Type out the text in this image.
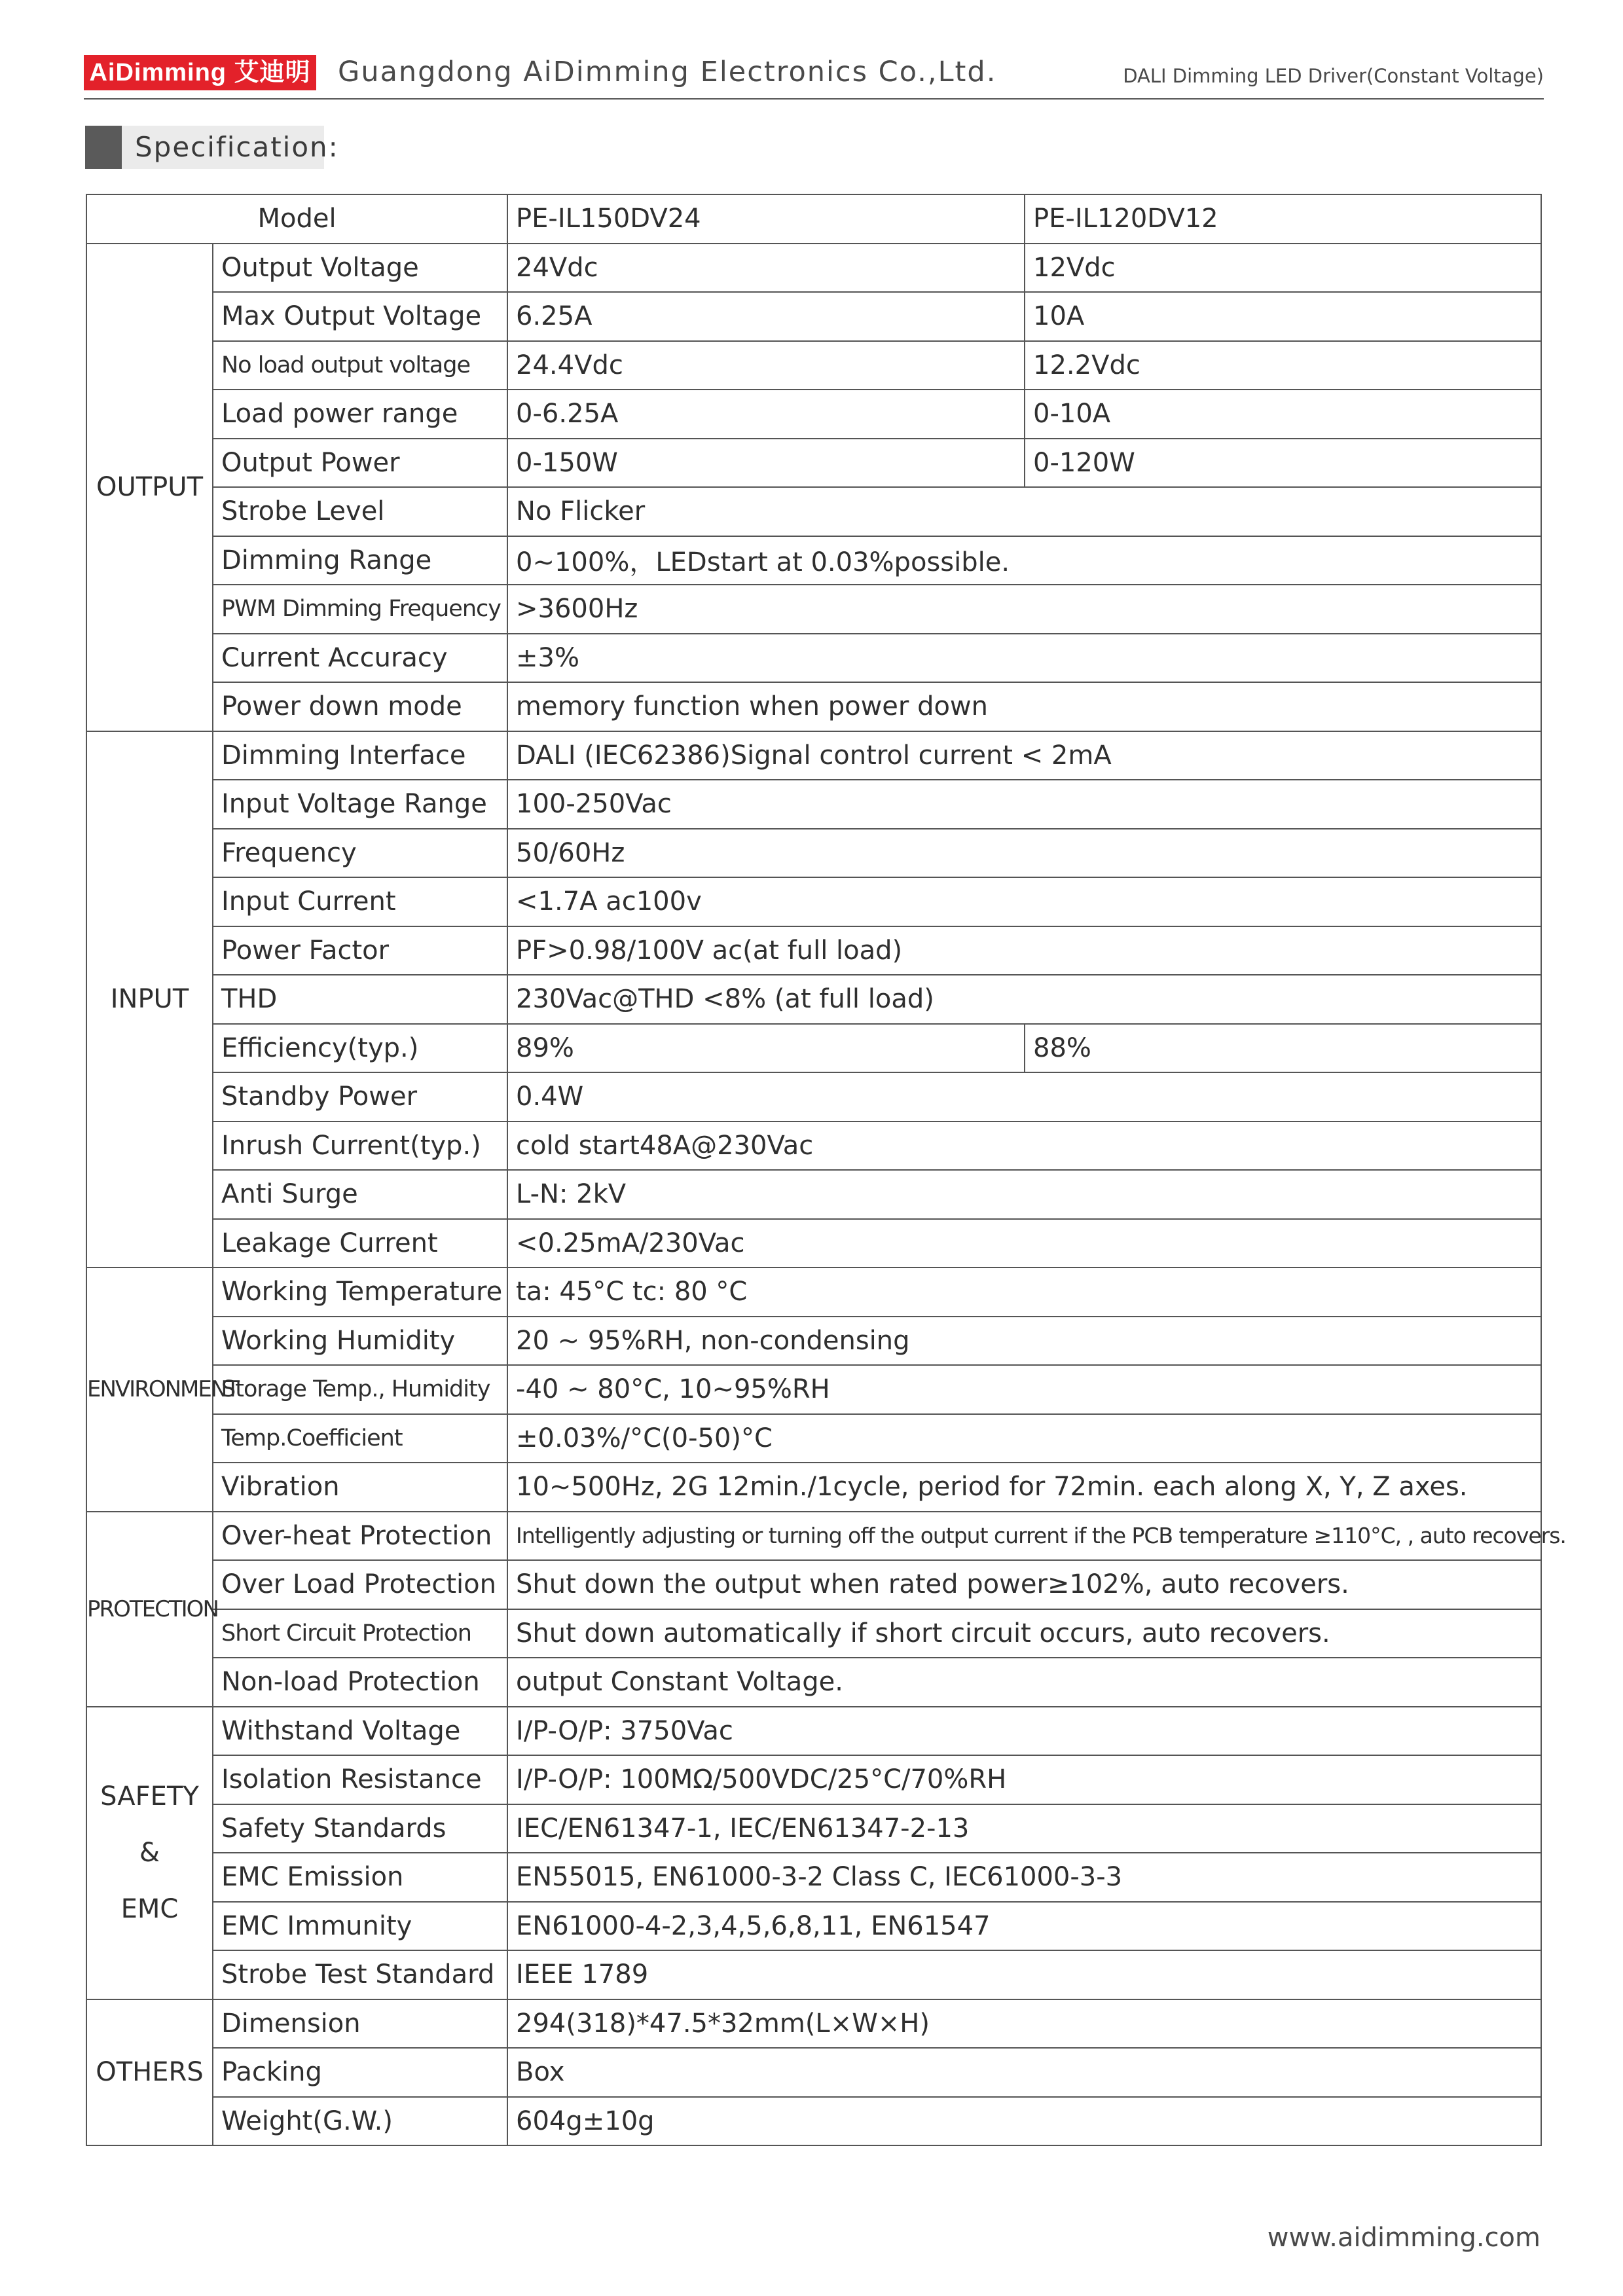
AiDimming 艾迪明 Guangdong AiDimming Electronics Co.,Ltd.	DALI Dimming LED Driver(Constant Voltage)
Specification:
Model		PE-IL150DV24	PE-IL120DV12
OUTPUT	Output Voltage	24Vdc	12Vdc
	Max Output Voltage	6.25A	10A
	No load output voltage	24.4Vdc	12.2Vdc
	Load power range	0-6.25A	0-10A
	Output Power	0-150W	0-120W
	Strobe Level	No Flicker	
	Dimming Range	0~100%，LEDstart at 0.03%possible.	
	PWM Dimming Frequency	>3600Hz	
	Current Accuracy	±3%	
	Power down mode	memory function when power down	
INPUT	Dimming Interface	DALI (IEC62386)Signal control current < 2mA	
	Input Voltage Range	100-250Vac	
	Frequency	50/60Hz	
	Input Current	<1.7A ac100v	
	Power Factor	PF>0.98/100V ac(at full load)	
	THD	230Vac@THD <8% (at full load)	
	Efficiency(typ.)	89%	88%
	Standby Power	0.4W	
	Inrush Current(typ.)	cold start48A@230Vac	
	Anti Surge	L-N: 2kV	
	Leakage Current	<0.25mA/230Vac	
ENVIRONMENT	Working Temperature	ta: 45°C tc: 80 °C	
	Working Humidity	20 ~ 95%RH, non-condensing	
	Storage Temp., Humidity	-40 ~ 80°C, 10~95%RH	
	Temp.Coefficient	±0.03%/°C(0-50)°C	
	Vibration	10~500Hz, 2G 12min./1cycle, period for 72min. each along X, Y, Z axes.	
PROTECTION	Over-heat Protection	Intelligently adjusting or turning off the output current if the PCB temperature ≥110°C, , auto recovers.	
	Over Load Protection	Shut down the output when rated power≥102%, auto recovers.	
	Short Circuit Protection	Shut down automatically if short circuit occurs, auto recovers.	
	Non-load Protection	output Constant Voltage.	

SAFETY
&
EMC	Withstand Voltage	I/P-O/P: 3750Vac	
	Isolation Resistance	I/P-O/P: 100MΩ/500VDC/25°C/70%RH	
	Safety Standards	IEC/EN61347-1, IEC/EN61347-2-13	
	EMC Emission	EN55015, EN61000-3-2 Class C, IEC61000-3-3	
	EMC Immunity	EN61000-4-2,3,4,5,6,8,11, EN61547	
	Strobe Test Standard	IEEE 1789	
OTHERS	Dimension	294(318)*47.5*32mm(L×W×H)	
	Packing	Box	
	Weight(G.W.)	604g±10g	
www.aidimming.com
